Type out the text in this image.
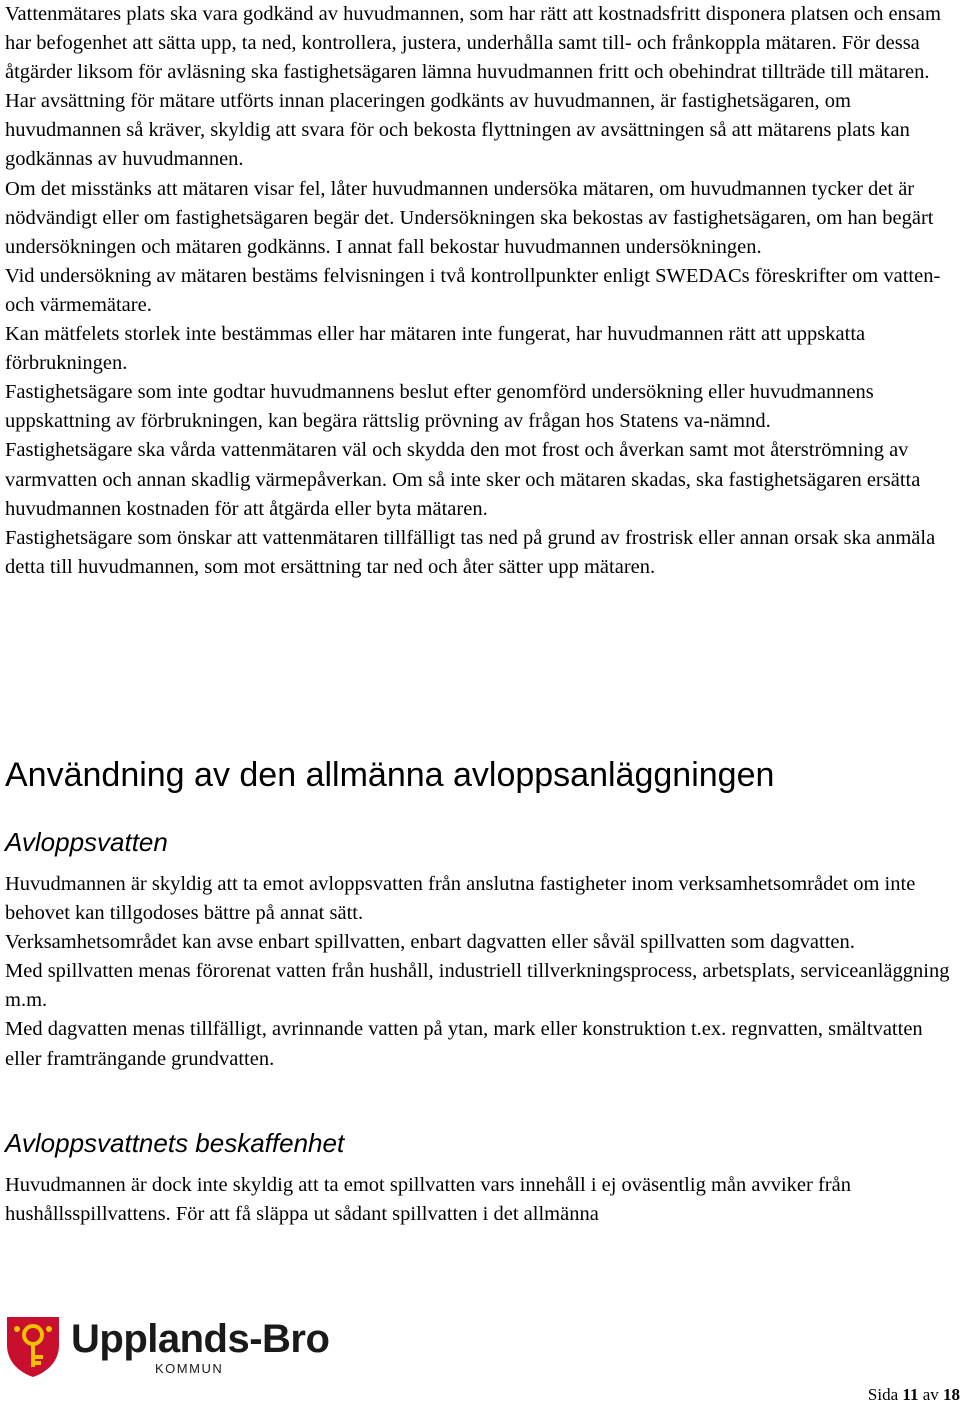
Vattenmätares plats ska vara godkänd av huvudmannen, som har rätt att kostnadsfritt disponera platsen och ensam har befogenhet att sätta upp, ta ned, kontrollera, justera, underhålla samt till- och frånkoppla mätaren. För dessa åtgärder liksom för avläsning ska fastighetsägaren lämna huvudmannen fritt och obehindrat tillträde till mätaren. Har avsättning för mätare utförts innan placeringen godkänts av huvudmannen, är fastighetsägaren, om huvudmannen så kräver, skyldig att svara för och bekosta flyttningen av avsättningen så att mätarens plats kan godkännas av huvudmannen.

Om det misstänks att mätaren visar fel, låter huvudmannen undersöka mätaren, om huvudmannen tycker det är nödvändigt eller om fastighetsägaren begär det. Undersökningen ska bekostas av fastighetsägaren, om han begärt undersökningen och mätaren godkänns. I annat fall bekostar huvudmannen undersökningen.

Vid undersökning av mätaren bestäms felvisningen i två kontrollpunkter enligt SWEDACs föreskrifter om vatten- och värmemätare.

Kan mätfelets storlek inte bestämmas eller har mätaren inte fungerat, har huvudmannen rätt att uppskatta förbrukningen.

Fastighetsägare som inte godtar huvudmannens beslut efter genomförd undersökning eller huvudmannens uppskattning av förbrukningen, kan begära rättslig prövning av frågan hos Statens va-nämnd.

Fastighetsägare ska vårda vattenmätaren väl och skydda den mot frost och åverkan samt mot återströmning av varmvatten och annan skadlig värmepåverkan. Om så inte sker och mätaren skadas, ska fastighetsägaren ersätta huvudmannen kostnaden för att åtgärda eller byta mätaren.

Fastighetsägare som önskar att vattenmätaren tillfälligt tas ned på grund av frostrisk eller annan orsak ska anmäla detta till huvudmannen, som mot ersättning tar ned och åter sätter upp mätaren.

Användning av den allmänna avloppsanläggningen
Avloppsvatten

Huvudmannen är skyldig att ta emot avloppsvatten från anslutna fastigheter inom verksamhetsområdet om inte behovet kan tillgodoses bättre på annat sätt.

Verksamhetsområdet kan avse enbart spillvatten, enbart dagvatten eller såväl spillvatten som dagvatten.

Med spillvatten menas förorenat vatten från hushåll, industriell tillverkningsprocess, arbetsplats, serviceanläggning m.m.

Med dagvatten menas tillfälligt, avrinnande vatten på ytan, mark eller konstruktion t.ex. regnvatten, smältvatten eller framträngande grundvatten.

Avloppsvattnets beskaffenhet

Huvudmannen är dock inte skyldig att ta emot spillvatten vars innehåll i ej oväsentlig mån avviker från hushållsspillvattens. För att få släppa ut sådant spillvatten i det allmänna

Upplands-Bro
KOMMUN
Sida 11 av 18
